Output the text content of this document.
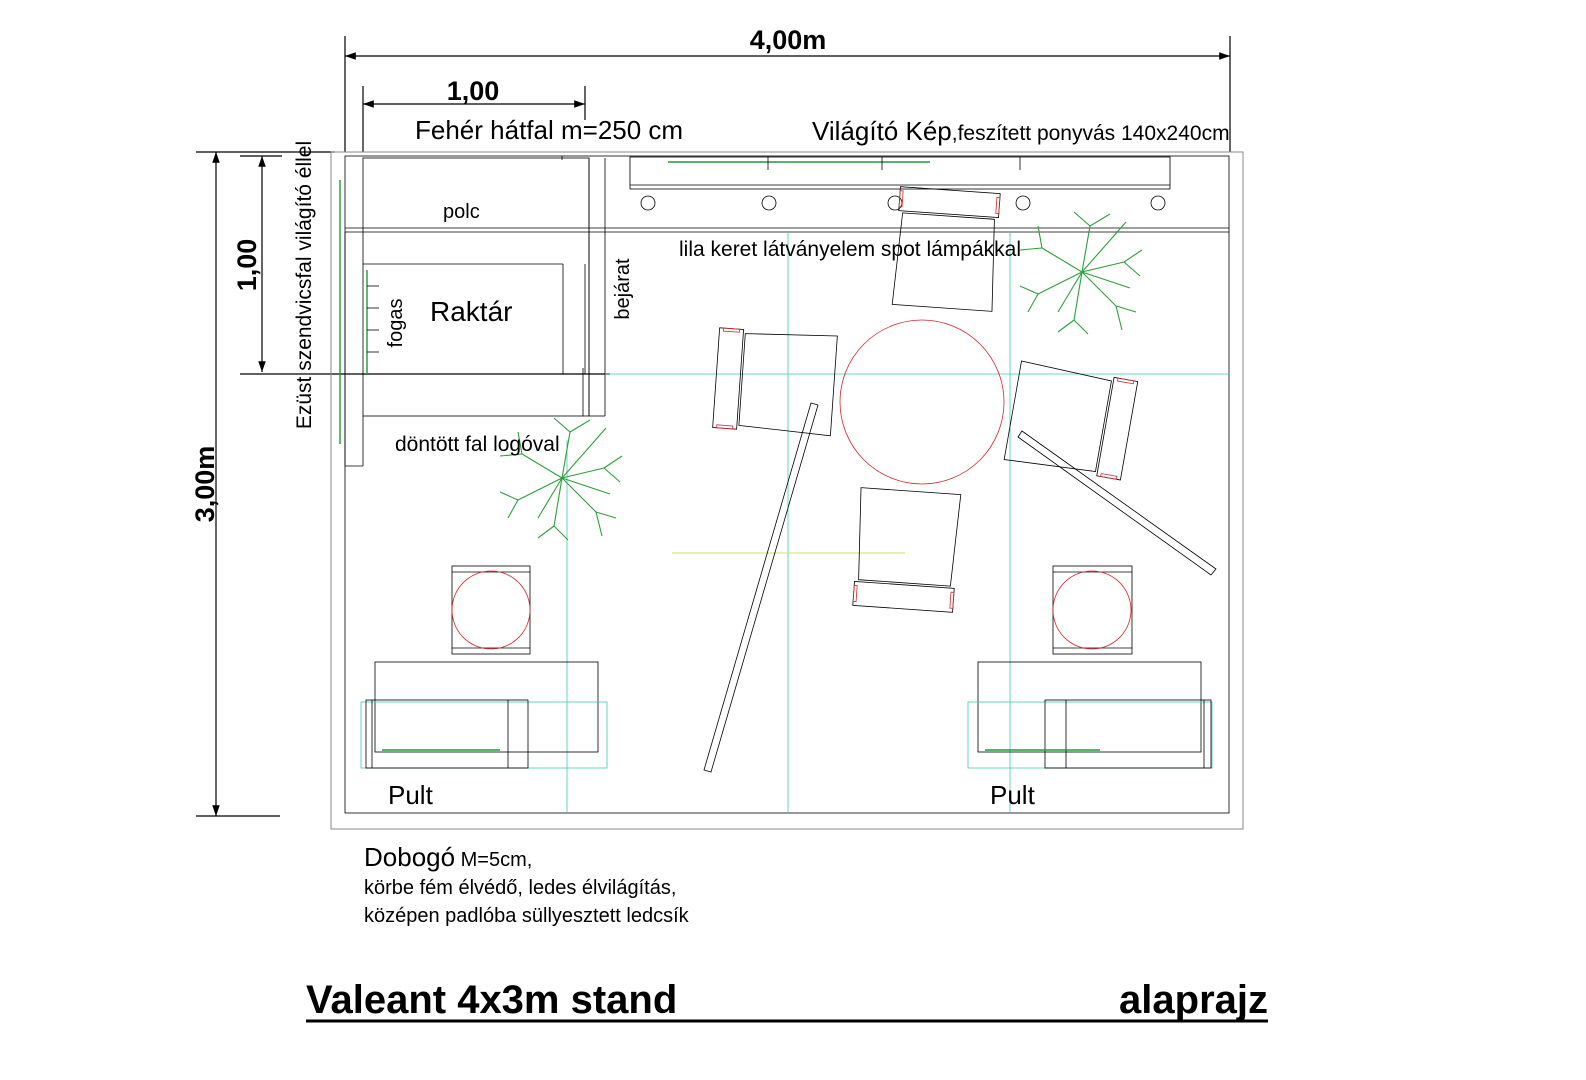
4,00m
1,00
3,00m
1,00
Fehér hátfal m=250 cm	Világító Kép,feszített ponyvás 140x240cm
Ezüst szendvicsfal világító éllel	polc
Raktár
fogas
bejárat
lila keret látványelem spot lámpákkal
döntött fal logóval
Pult	Pult
Dobogó M=5cm,
körbe fém élvédő, ledes élvilágítás,
középen padlóba süllyesztett ledcsík
Valeant 4x3m stand	alaprajz
